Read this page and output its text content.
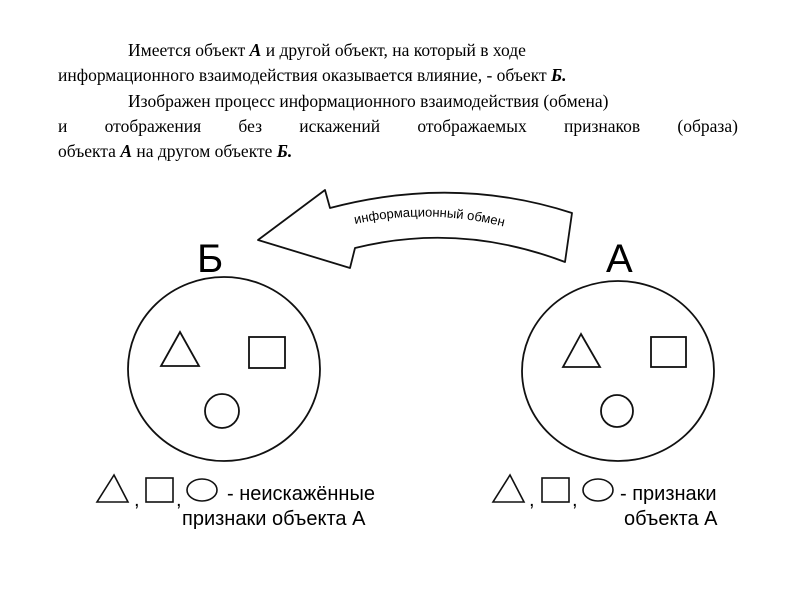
Имеется объект А и другой объект, на который в ходе
информационного взаимодействия оказывается влияние, - объект Б.
Изображен процесс информационного взаимодействия (обмена)
и отображения без искажений отображаемых признаков (образа)
объекта А на другом объекте Б.
информационный обмен
Б	А
, , - неискажённые
признаки объекта А
, , - признаки
объекта А
